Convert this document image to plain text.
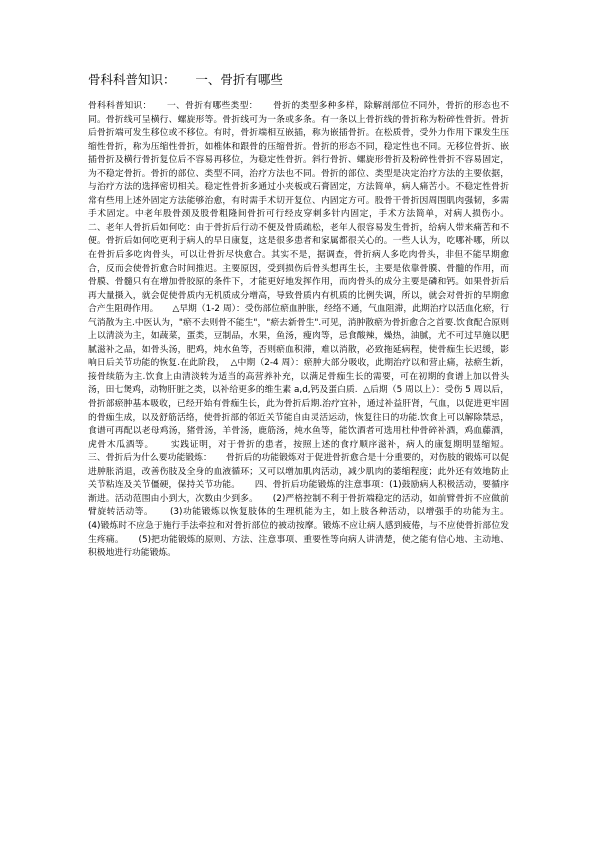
骨科科普知识：     一、骨折有哪些

骨科科普知识：     一、骨折有哪些类型：     骨折的类型多种多样，除解剖部位不同外，骨折的形态也不同。骨折线可呈横行、螺旋形等。骨折线可为一条或多条。有一条以上骨折线的骨折称为粉碎性骨折。骨折后骨折端可发生移位或不移位。有时，骨折端相互嵌插，称为嵌插骨折。在松质骨，受外力作用下课发生压缩性骨折，称为压缩性骨折，如椎体和跟骨的压缩骨折。骨折的形态不同，稳定性也不同。无移位骨折、嵌插骨折及横行骨折复位后不容易再移位，为稳定性骨折。斜行骨折、螺旋形骨折及粉碎性骨折不容易固定，为不稳定骨折。骨折的部位、类型不同，治疗方法也不同。骨折的部位、类型是决定治疗方法的主要依据，与治疗方法的选择密切相关。稳定性骨折多通过小夹板或石膏固定，方法简单，病人痛苦小。不稳定性骨折常有些用上述外固定方法能够治愈，有时需手术切开复位、内固定方可。股骨干骨折因周围肌肉强韧，多需手术固定。中老年股骨颈及股骨粗隆间骨折可行经皮穿刺多针内固定，手术方法简单，对病人损伤小。     二、老年人骨折后如何吃：由于骨折后行动不便及骨质疏松，老年人很容易发生骨折，给病人带来痛苦和不便。骨折后如何吃更利于病人的早日康复，这是很多患者和家属都很关心的。一些人认为，吃哪补哪，所以在骨折后多吃肉骨头，可以让骨折尽快愈合。其实不是，据调查，骨折病人多吃肉骨头，非但不能早期愈合，反而会使骨折愈合时间推迟。主要原因，受到损伤后骨头想再生长，主要是依靠骨膜、骨髓的作用，而骨膜、骨髓只有在增加骨胶原的条件下，才能更好地发挥作用，而肉骨头的成分主要是磷和钙。如果骨折后再大量摄入，就会促使骨质内无机质成分增高，导致骨质内有机质的比例失调，所以，就会对骨折的早期愈合产生阻碍作用。     △早期（1-2 周）：受伤部位瘀血肿胀，经络不通，气血阻滞，此期治疗以活血化瘀，行气消散为主.中医认为，"瘀不去则骨不能生"，"瘀去新骨生".可见，消肿散瘀为骨折愈合之首要.饮食配合原则上以清淡为主，如蔬菜，蛋类，豆制品，水果，鱼汤，瘦肉等，忌食酸辣，燥热，油腻，尤不可过早施以肥腻滋补之品，如骨头汤，肥鸡，炖水鱼等，否则瘀血积滞，难以消散，必致拖延病程，使骨痂生长迟缓，影响日后关节功能的恢复.在此阶段，  △中期（2-4 周）：瘀肿大部分吸收，此期治疗以和营止痛，祛瘀生新，接骨续筋为主.饮食上由清淡转为适当的高营养补充，以满足骨痂生长的需要，可在初期的食谱上加以骨头汤，田七煲鸡，动物肝脏之类，以补给更多的维生素 a,d,钙及蛋白质.  △后期（5 周以上）：受伤 5 周以后，骨折部瘀肿基本吸收，已经开始有骨痂生长，此为骨折后期.治疗宜补，通过补益肝肾，气血，以促进更牢固的骨痂生成，以及舒筋活络，使骨折部的邻近关节能自由灵活运动，恢复往日的功能.饮食上可以解除禁忌，食谱可再配以老母鸡汤，猪骨汤，羊骨汤，鹿筋汤，炖水鱼等，能饮酒者可选用杜仲骨碎补酒，鸡血藤酒，虎骨木瓜酒等。     实践证明，对于骨折的患者，按照上述的食疗顺序滋补，病人的康复期明显缩短。     三、骨折后为什么要功能锻炼：     骨折后的功能锻炼对于促进骨折愈合是十分重要的，对伤肢的锻炼可以促进肿胀消退，改善伤肢及全身的血液循环；又可以增加肌肉活动，减少肌肉的萎缩程度；此外还有效地防止关节粘连及关节僵硬，保持关节功能。     四、骨折后功能锻炼的注意事项：(1)鼓励病人积极活动，要循序渐进。活动范围由小到大，次数由少到多。     (2)严格控制不利于骨折端稳定的活动，如前臂骨折不应做前臂旋转活动等。     (3)功能锻炼以恢复肢体的生理机能为主，如上肢各种活动，以增强手的功能为主。     (4)锻炼时不应急于施行手法牵拉和对骨折部位的被动按摩。锻炼不应让病人感到疲倦，与不应使骨折部位发生疼痛。     (5)把功能锻炼的原则、方法、注意事项、重要性等向病人讲清楚，使之能有信心地、主动地、积极地进行功能锻炼。
